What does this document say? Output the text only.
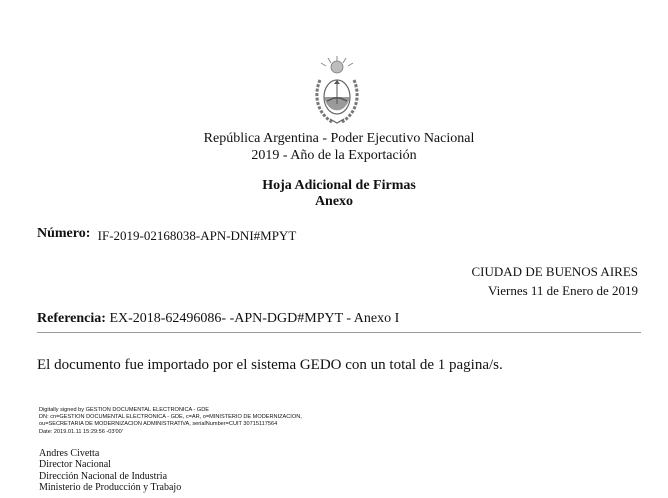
República Argentina - Poder Ejecutivo Nacional
2019 - Año de la Exportación
Hoja Adicional de Firmas
Anexo
Número: IF-2019-02168038-APN-DNI#MPYT
CIUDAD DE BUENOS AIRES
Viernes 11 de Enero de 2019
Referencia: EX-2018-62496086- -APN-DGD#MPYT - Anexo I
El documento fue importado por el sistema GEDO con un total de 1 pagina/s.
Digitally signed by GESTION DOCUMENTAL ELECTRONICA - GDE
DN: cn=GESTION DOCUMENTAL ELECTRONICA - GDE, c=AR, o=MINISTERIO DE MODERNIZACION,
ou=SECRETARIA DE MODERNIZACION ADMINISTRATIVA, serialNumber=CUIT 30715117564
Date: 2019.01.11 15:29:56 -03'00'
Andres Civetta
Director Nacional
Dirección Nacional de Industria
Ministerio de Producción y Trabajo
